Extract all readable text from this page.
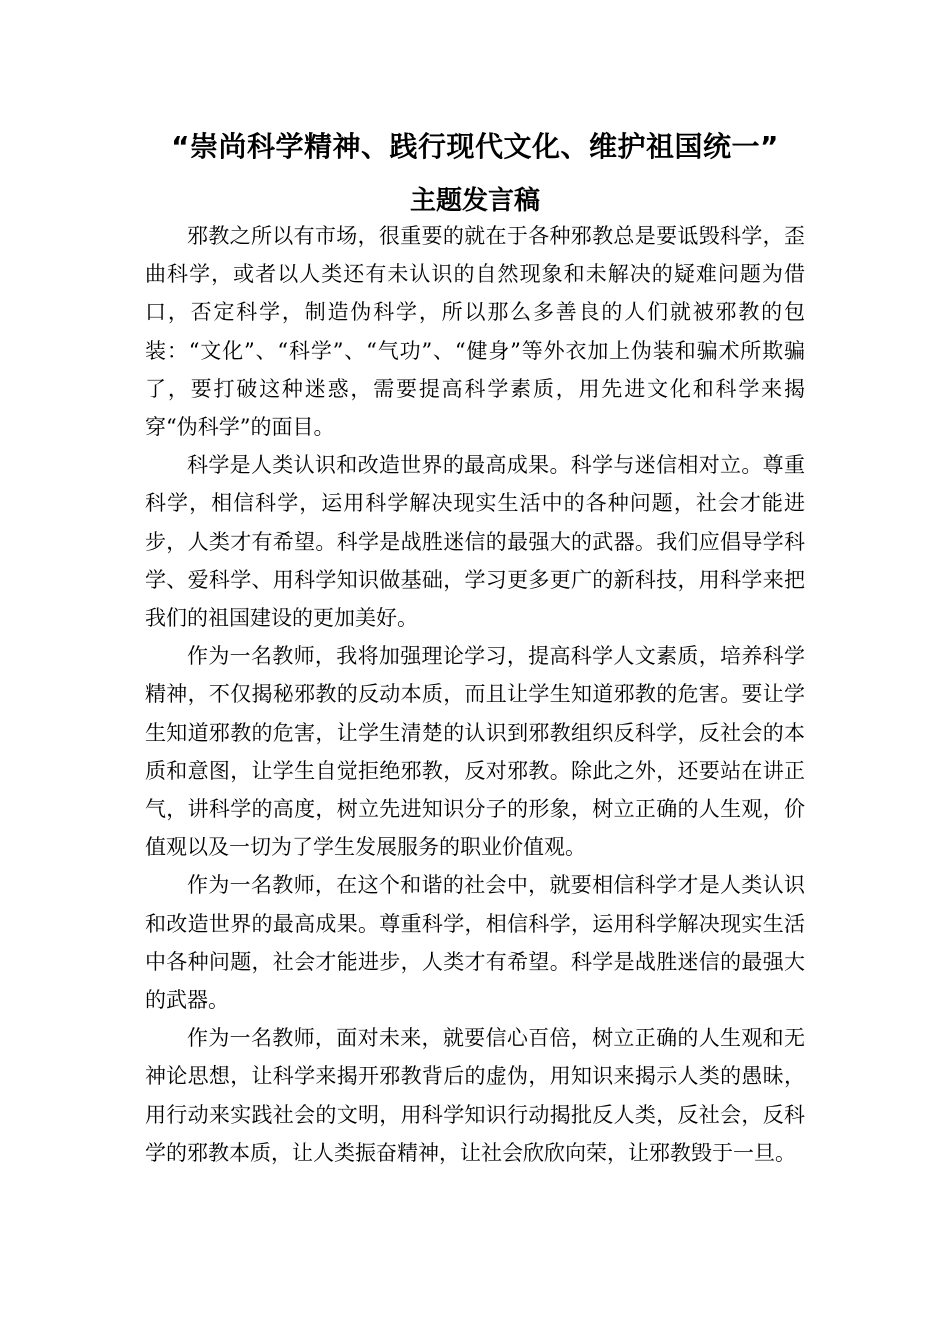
“崇尚科学精神、践行现代文化、维护祖国统一”
主题发言稿

邪教之所以有市场，很重要的就在于各种邪教总是要诋毁科学，歪曲科学，或者以人类还有未认识的自然现象和未解决的疑难问题为借口，否定科学，制造伪科学，所以那么多善良的人们就被邪教的包装：“文化”、“科学”、“气功”、“健身”等外衣加上伪装和骗术所欺骗了，要打破这种迷惑，需要提高科学素质，用先进文化和科学来揭穿“伪科学”的面目。

科学是人类认识和改造世界的最高成果。科学与迷信相对立。尊重科学，相信科学，运用科学解决现实生活中的各种问题，社会才能进步，人类才有希望。科学是战胜迷信的最强大的武器。我们应倡导学科学、爱科学、用科学知识做基础，学习更多更广的新科技，用科学来把我们的祖国建设的更加美好。

作为一名教师，我将加强理论学习，提高科学人文素质，培养科学精神，不仅揭秘邪教的反动本质，而且让学生知道邪教的危害。要让学生知道邪教的危害，让学生清楚的认识到邪教组织反科学，反社会的本质和意图，让学生自觉拒绝邪教，反对邪教。除此之外，还要站在讲正气，讲科学的高度，树立先进知识分子的形象，树立正确的人生观，价值观以及一切为了学生发展服务的职业价值观。

作为一名教师，在这个和谐的社会中，就要相信科学才是人类认识和改造世界的最高成果。尊重科学，相信科学，运用科学解决现实生活中各种问题，社会才能进步，人类才有希望。科学是战胜迷信的最强大的武器。

作为一名教师，面对未来，就要信心百倍，树立正确的人生观和无神论思想，让科学来揭开邪教背后的虚伪，用知识来揭示人类的愚昧，用行动来实践社会的文明，用科学知识行动揭批反人类，反社会，反科学的邪教本质，让人类振奋精神，让社会欣欣向荣，让邪教毁于一旦。
